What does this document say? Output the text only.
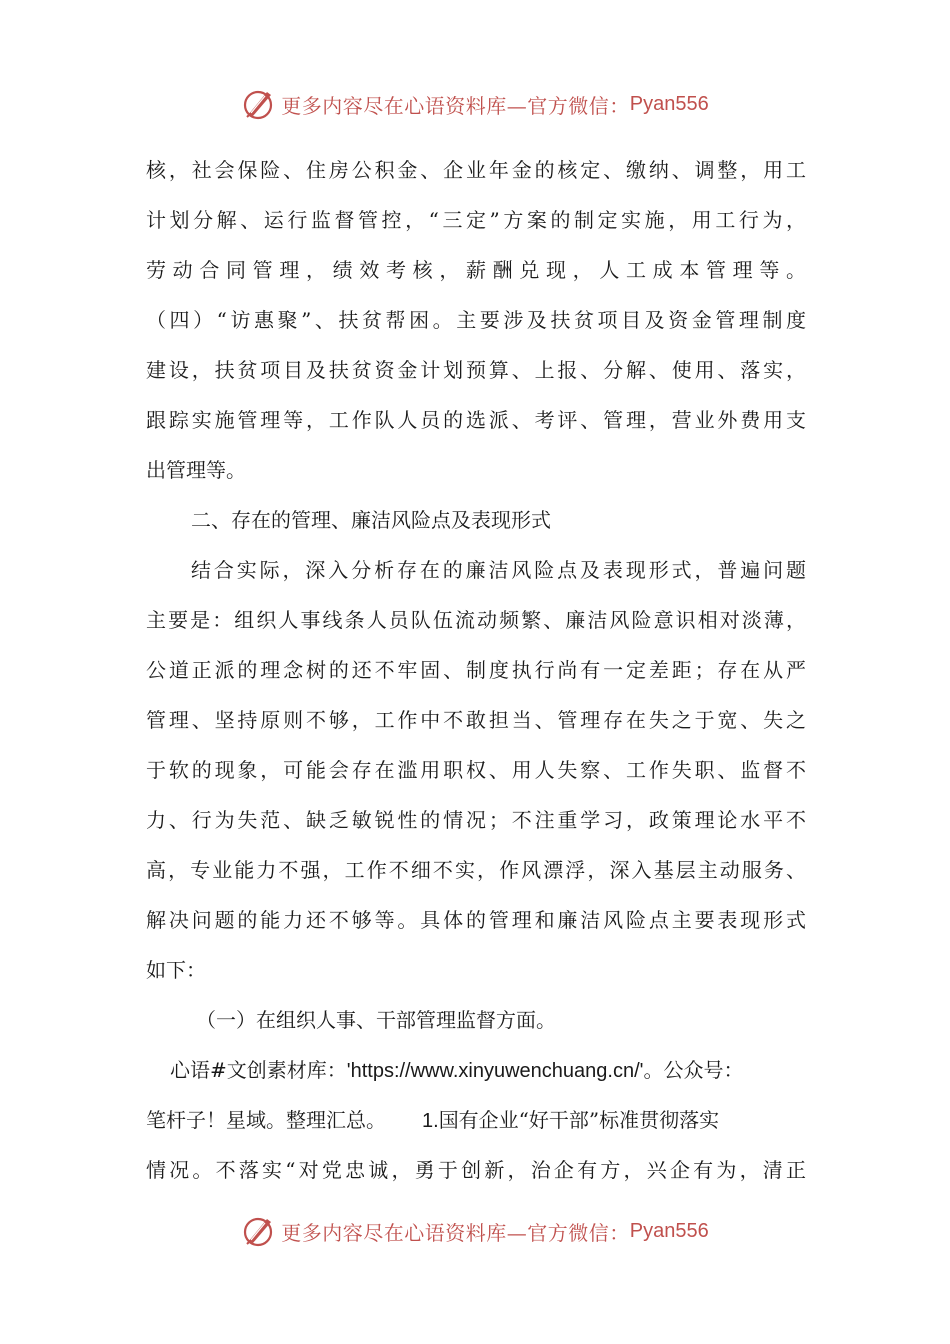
更多内容尽在心语资料库—官方微信： Pyan556
核，社会保险、住房公积金、企业年金的核定、缴纳、调整，用工
计划分解、运行监督管控，“三定”方案的制定实施，用工行为，
劳动合同管理，绩效考核，薪酬兑现，人工成本管理等。
（四）“访惠聚”、扶贫帮困。主要涉及扶贫项目及资金管理制度
建设，扶贫项目及扶贫资金计划预算、上报、分解、使用、落实，
跟踪实施管理等，工作队人员的选派、考评、管理，营业外费用支
出管理等。
二、存在的管理、廉洁风险点及表现形式
结合实际，深入分析存在的廉洁风险点及表现形式，普遍问题
主要是：组织人事线条人员队伍流动频繁、廉洁风险意识相对淡薄，
公道正派的理念树的还不牢固、制度执行尚有一定差距；存在从严
管理、坚持原则不够，工作中不敢担当、管理存在失之于宽、失之
于软的现象，可能会存在滥用职权、用人失察、工作失职、监督不
力、行为失范、缺乏敏锐性的情况；不注重学习，政策理论水平不
高，专业能力不强，工作不细不实，作风漂浮，深入基层主动服务、
解决问题的能力还不够等。具体的管理和廉洁风险点主要表现形式
如下：
（一）在组织人事、干部管理监督方面。
心语#文创素材库：'https://www.xinyuwenchuang.cn/'。公众号：
笔杆子！星域。整理汇总。 1.国有企业“好干部”标准贯彻落实
情况。不落实“对党忠诚，勇于创新，治企有方，兴企有为，清正
更多内容尽在心语资料库—官方微信： Pyan556
